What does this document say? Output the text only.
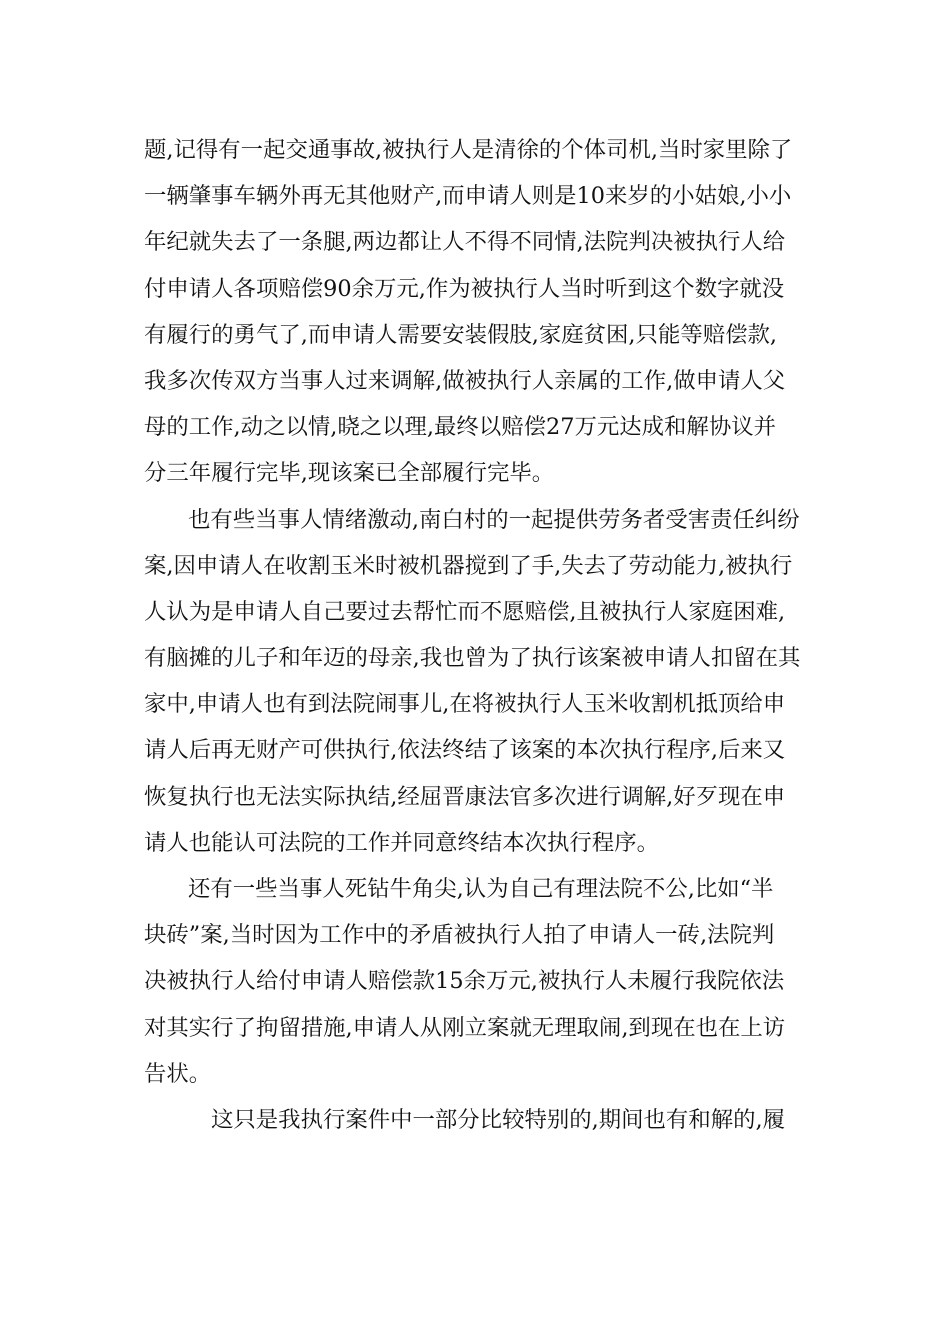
题,记得有一起交通事故,被执行人是清徐的个体司机,当时家里除了
一辆肇事车辆外再无其他财产,而申请人则是10来岁的小姑娘,小小
年纪就失去了一条腿,两边都让人不得不同情,法院判决被执行人给
付申请人各项赔偿90余万元,作为被执行人当时听到这个数字就没
有履行的勇气了,而申请人需要安装假肢,家庭贫困,只能等赔偿款,
我多次传双方当事人过来调解,做被执行人亲属的工作,做申请人父
母的工作,动之以情,晓之以理,最终以赔偿27万元达成和解协议并
分三年履行完毕,现该案已全部履行完毕。

也有些当事人情绪激动,南白村的一起提供劳务者受害责任纠纷
案,因申请人在收割玉米时被机器搅到了手,失去了劳动能力,被执行
人认为是申请人自己要过去帮忙而不愿赔偿,且被执行人家庭困难,
有脑摊的儿子和年迈的母亲,我也曾为了执行该案被申请人扣留在其
家中,申请人也有到法院闹事儿,在将被执行人玉米收割机抵顶给申
请人后再无财产可供执行,依法终结了该案的本次执行程序,后来又
恢复执行也无法实际执结,经屈晋康法官多次进行调解,好歹现在申
请人也能认可法院的工作并同意终结本次执行程序。

还有一些当事人死钻牛角尖,认为自己有理法院不公,比如“半
块砖”案,当时因为工作中的矛盾被执行人拍了申请人一砖,法院判
决被执行人给付申请人赔偿款15余万元,被执行人未履行我院依法
对其实行了拘留措施,申请人从刚立案就无理取闹,到现在也在上访
告状。

这只是我执行案件中一部分比较特别的,期间也有和解的,履
